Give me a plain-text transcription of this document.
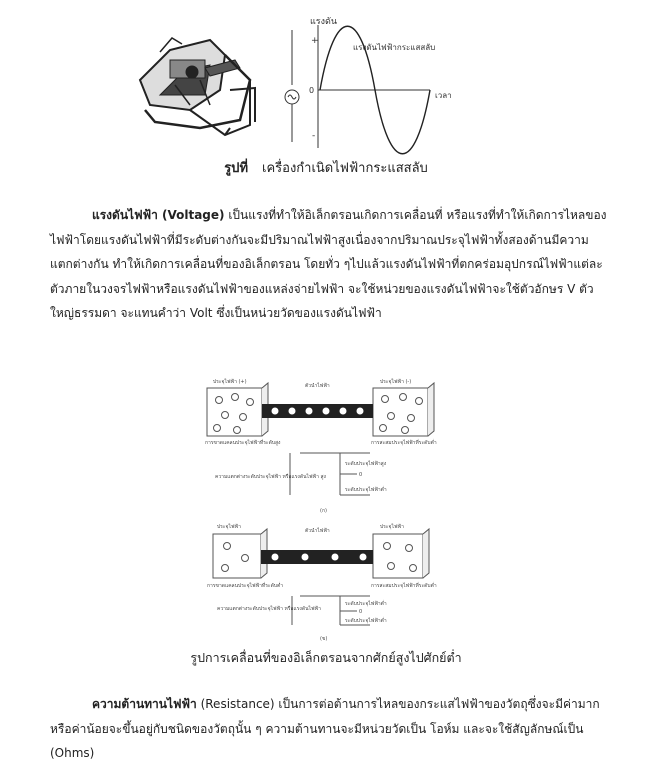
แรงดัน
+
0
-
แรงดันไฟฟ้ากระแสสลับ
เวลา
รูปที่ เครื่องกำเนิดไฟฟ้ากระแสสลับ
แรงดันไฟฟ้า (Voltage) เป็นแรงที่ทำให้อิเล็กตรอนเกิดการเคลื่อนที่ หรือแรงที่ทำให้เกิดการไหลของไฟฟ้าโดยแรงดันไฟฟ้าที่มีระดับต่างกันจะมีปริมาณไฟฟ้าสูงเนื่องจากปริมาณประจุไฟฟ้าทั้งสองด้านมีความแตกต่างกัน ทำให้เกิดการเคลื่อนที่ของอิเล็กตรอน โดยทั่ว ๆไปแล้วแรงดันไฟฟ้าที่ตกคร่อมอุปกรณ์ไฟฟ้าแต่ละตัวภายในวงจรไฟฟ้าหรือแรงดันไฟฟ้าของแหล่งจ่ายไฟฟ้า จะใช้หน่วยของแรงดันไฟฟ้าจะใช้ตัวอักษร V ตัวใหญ่ธรรมดา จะแทนคำว่า Volt ซึ่งเป็นหน่วยวัดของแรงดันไฟฟ้า
ประจุไฟฟ้า (+)	ประจุไฟฟ้า (-)
ตัวนำไฟฟ้า
การขาดแคลนประจุไฟฟ้าที่ระดับสูง	การสะสมประจุไฟฟ้าที่ระดับต่ำ
ความแตกต่างระดับประจุไฟฟ้า หรือแรงดันไฟฟ้า สูง
ระดับประจุไฟฟ้าสูง
0
ระดับประจุไฟฟ้าต่ำ
(ก)
ประจุไฟฟ้า	ประจุไฟฟ้า
ตัวนำไฟฟ้า
การขาดแคลนประจุไฟฟ้าที่ระดับต่ำ	การสะสมประจุไฟฟ้าที่ระดับต่ำ
ความแตกต่างระดับประจุไฟฟ้า หรือแรงดันไฟฟ้า
ระดับประจุไฟฟ้าต่ำ
0
ระดับประจุไฟฟ้าต่ำ
(ข)
รูปการเคลื่อนที่ของอิเล็กตรอนจากศักย์สูงไปศักย์ต่ำ
ความต้านทานไฟฟ้า (Resistance) เป็นการต่อต้านการไหลของกระแสไฟฟ้าของวัตถุซึ่งจะมีค่ามากหรือค่าน้อยจะขึ้นอยู่กับชนิดของวัตถุนั้น ๆ ความต้านทานจะมีหน่วยวัดเป็น โอห์ม และจะใช้สัญลักษณ์เป็น (Ohms)
